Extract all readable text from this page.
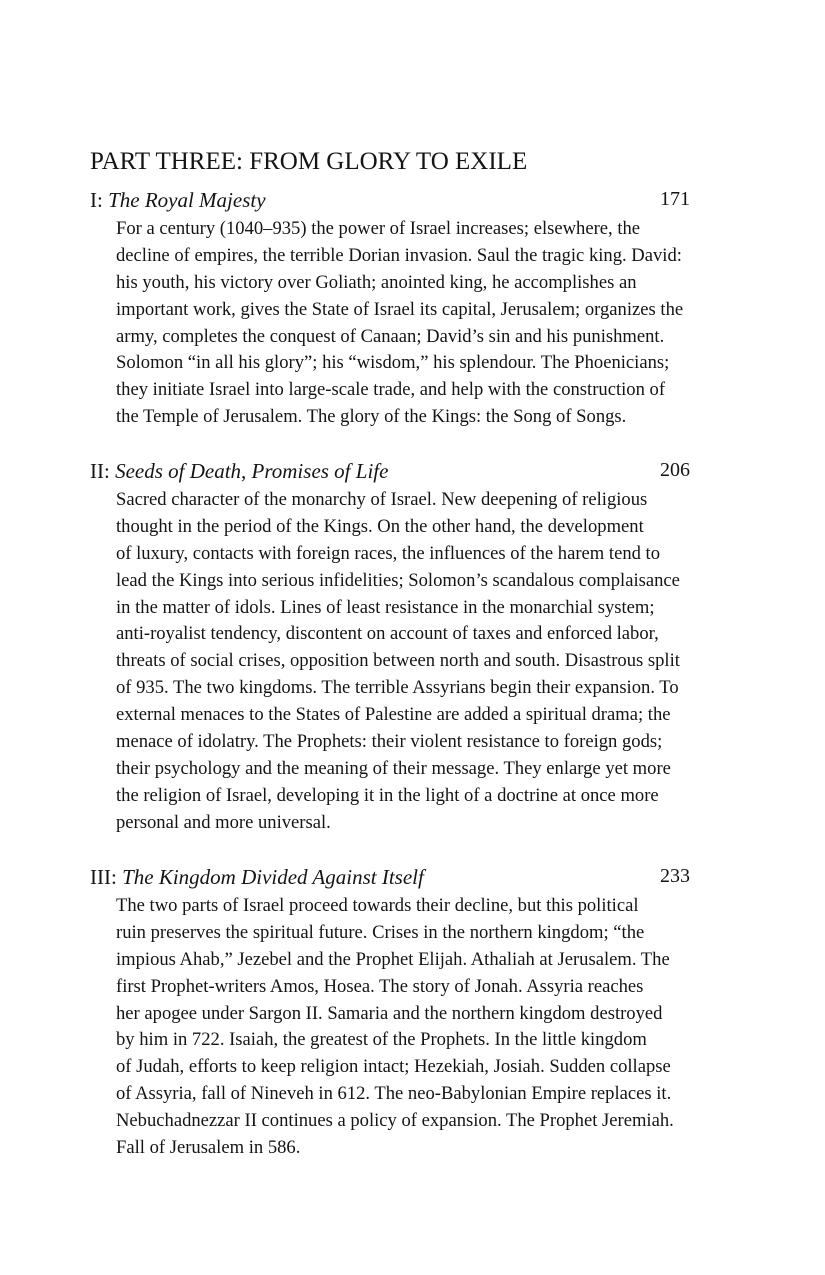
PART THREE: FROM GLORY TO EXILE
I: The Royal Majesty	171
For a century (1040–935) the power of Israel increases; elsewhere, the
decline of empires, the terrible Dorian invasion. Saul the tragic king. David:
his youth, his victory over Goliath; anointed king, he accomplishes an
important work, gives the State of Israel its capital, Jerusalem; organizes the
army, completes the conquest of Canaan; David’s sin and his punishment.
Solomon “in all his glory”; his “wisdom,” his splendour. The Phoenicians;
they initiate Israel into large-scale trade, and help with the construction of
the Temple of Jerusalem. The glory of the Kings: the Song of Songs.
II: Seeds of Death, Promises of Life	206
Sacred character of the monarchy of Israel. New deepening of religious
thought in the period of the Kings. On the other hand, the development
of luxury, contacts with foreign races, the influences of the harem tend to
lead the Kings into serious infidelities; Solomon’s scandalous complaisance
in the matter of idols. Lines of least resistance in the monarchial system;
anti-royalist tendency, discontent on account of taxes and enforced labor,
threats of social crises, opposition between north and south. Disastrous split
of 935. The two kingdoms. The terrible Assyrians begin their expansion. To
external menaces to the States of Palestine are added a spiritual drama; the
menace of idolatry. The Prophets: their violent resistance to foreign gods;
their psychology and the meaning of their message. They enlarge yet more
the religion of Israel, developing it in the light of a doctrine at once more
personal and more universal.
III: The Kingdom Divided Against Itself	233
The two parts of Israel proceed towards their decline, but this political
ruin preserves the spiritual future. Crises in the northern kingdom; “the
impious Ahab,” Jezebel and the Prophet Elijah. Athaliah at Jerusalem. The
first Prophet-writers Amos, Hosea. The story of Jonah. Assyria reaches
her apogee under Sargon II. Samaria and the northern kingdom destroyed
by him in 722. Isaiah, the greatest of the Prophets. In the little kingdom
of Judah, efforts to keep religion intact; Hezekiah, Josiah. Sudden collapse
of Assyria, fall of Nineveh in 612. The neo-Babylonian Empire replaces it.
Nebuchadnezzar II continues a policy of expansion. The Prophet Jeremiah.
Fall of Jerusalem in 586.
